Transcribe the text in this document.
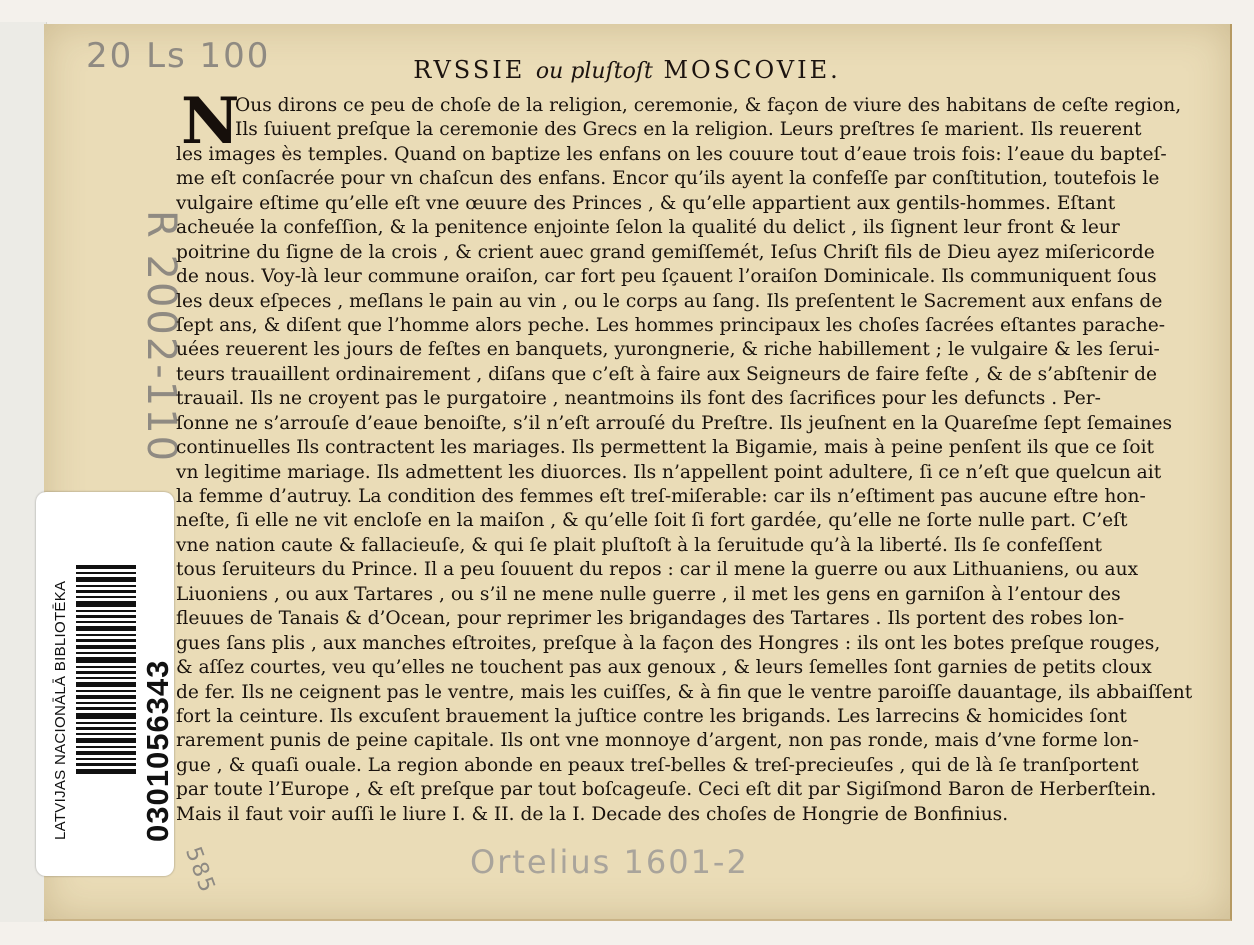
20 Ls 100
R 2002-110
Ortelius 1601-2
585
RVSSIE ou pluſtoſt MOSCOVIE.
N
Ous dirons ce peu de choſe de la religion, ceremonie, & façon de viure des habitans de ceſte region,
Ils ſuiuent preſque la ceremonie des Grecs en la religion. Leurs preſtres ſe marient. Ils reuerent
les images ès temples. Quand on baptize les enfans on les couure tout d’eaue trois fois: l’eaue du bapteſ-
me eſt conſacrée pour vn chaſcun des enfans. Encor qu’ils ayent la confeſſe par conſtitution, toutefois le
vulgaire eſtime qu’elle eſt vne œuure des Princes , & qu’elle appartient aux gentils-hommes. Eſtant
acheuée la confeſſion, & la penitence enjointe ſelon la qualité du delict , ils ſignent leur front & leur
poitrine du ſigne de la crois , & crient auec grand gemiſſemét, Ieſus Chriſt fils de Dieu ayez miſericorde
de nous. Voy-là leur commune oraiſon, car fort peu ſçauent l’oraiſon Dominicale. Ils communiquent ſous
les deux eſpeces , meſlans le pain au vin , ou le corps au ſang. Ils preſentent le Sacrement aux enfans de
ſept ans, & diſent que l’homme alors peche. Les hommes principaux les choſes ſacrées eſtantes parache-
uées reuerent les jours de feſtes en banquets, yurongnerie, & riche habillement ; le vulgaire & les ſerui-
teurs trauaillent ordinairement , diſans que c’eſt à faire aux Seigneurs de faire feſte , & de s’abſtenir de
trauail. Ils ne croyent pas le purgatoire , neantmoins ils font des ſacrifices pour les defuncts . Per-
ſonne ne s’arrouſe d’eaue benoiſte, s’il n’eſt arrouſé du Preſtre. Ils jeuſnent en la Quareſme ſept ſemaines
continuelles Ils contractent les mariages. Ils permettent la Bigamie, mais à peine penſent ils que ce ſoit
vn legitime mariage. Ils admettent les diuorces. Ils n’appellent point adultere, ſi ce n’eſt que quelcun ait
la femme d’autruy. La condition des femmes eſt treſ-miſerable: car ils n’eſtiment pas aucune eſtre hon-
neſte, ſi elle ne vit encloſe en la maiſon , & qu’elle ſoit ſi fort gardée, qu’elle ne ſorte nulle part. C’eſt
vne nation caute & fallacieuſe, & qui ſe plait pluſtoſt à la ſeruitude qu’à la liberté. Ils ſe confeſſent
tous ſeruiteurs du Prince. Il a peu ſouuent du repos : car il mene la guerre ou aux Lithuaniens, ou aux
Liuoniens , ou aux Tartares , ou s’il ne mene nulle guerre , il met les gens en garniſon à l’entour des
fleuues de Tanais & d’Ocean, pour reprimer les brigandages des Tartares . Ils portent des robes lon-
gues ſans plis , aux manches eſtroites, preſque à la façon des Hongres : ils ont les botes preſque rouges,
& aſſez courtes, veu qu’elles ne touchent pas aux genoux , & leurs ſemelles ſont garnies de petits cloux
de fer. Ils ne ceignent pas le ventre, mais les cuiſſes, & à fin que le ventre paroiſſe dauantage, ils abbaiſſent
fort la ceinture. Ils excuſent brauement la juſtice contre les brigands. Les larrecins & homicides ſont
rarement punis de peine capitale. Ils ont vne monnoye d’argent, non pas ronde, mais d’vne forme lon-
gue , & quaſi ouale. La region abonde en peaux treſ-belles & treſ-precieuſes , qui de là ſe tranſportent
par toute l’Europe , & eſt preſque par tout boſcageuſe. Ceci eſt dit par Sigiſmond Baron de Herberſtein.
Mais il faut voir auſſi le liure I. & II. de la I. Decade des choſes de Hongrie de Bonfinius.
LATVIJAS NACIONĀLĀ BIBLIOTĒKA 0301056343
